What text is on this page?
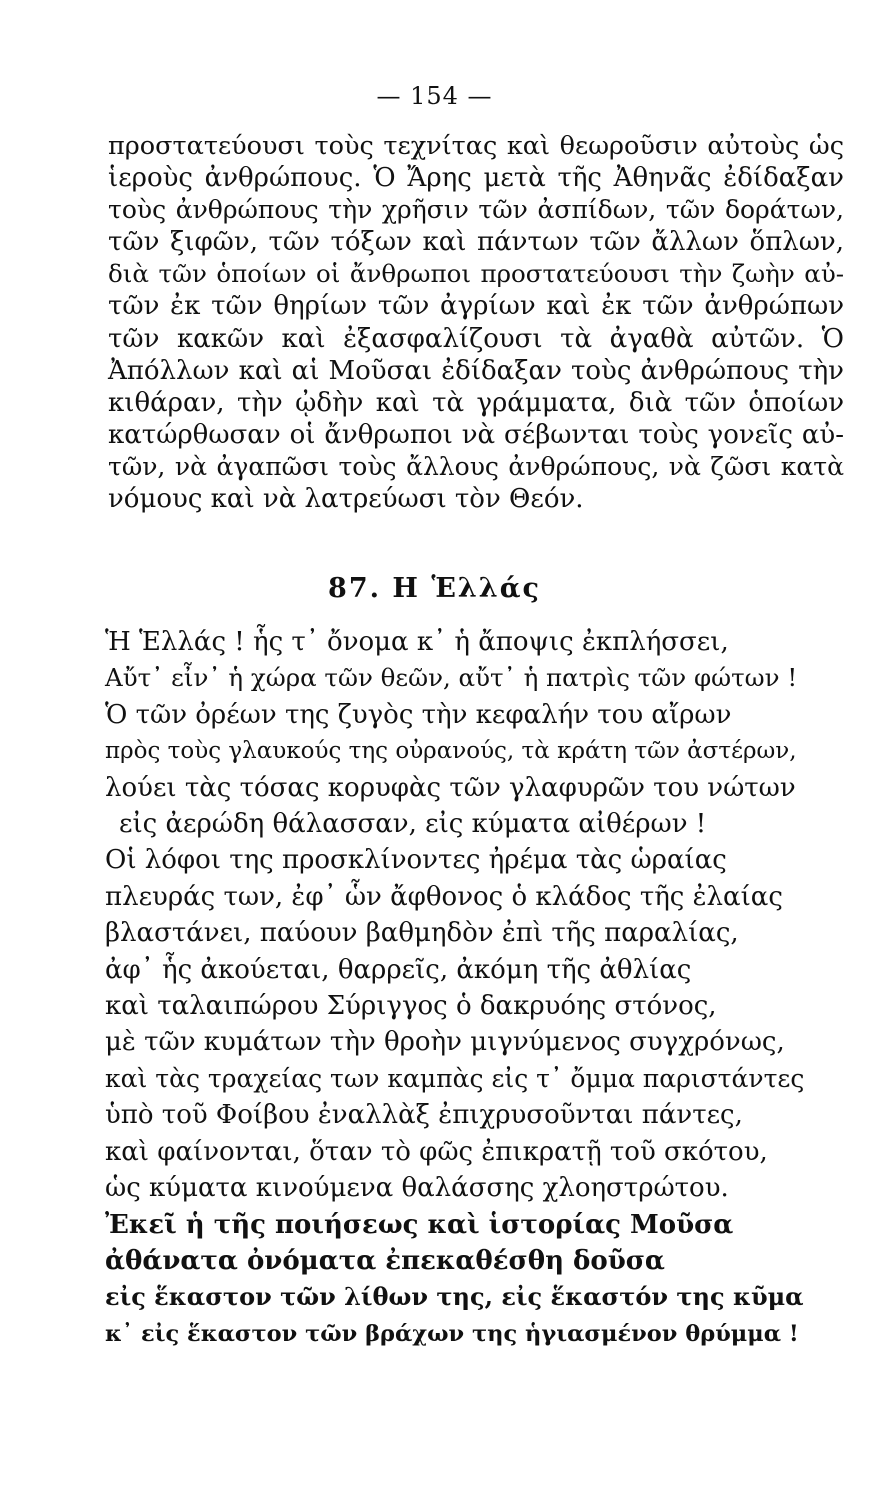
— 154 —
προστατεύουσι τοὺς τεχνίτας καὶ θεωροῦσιν αὐτοὺς ὡς
ἱεροὺς ἀνθρώπους. Ὁ Ἄρης μετὰ τῆς Ἀθηνᾶς ἐδίδαξαν
τοὺς ἀνθρώπους τὴν χρῆσιν τῶν ἀσπίδων, τῶν δοράτων,
τῶν ξιφῶν, τῶν τόξων καὶ πάντων τῶν ἄλλων ὅπλων,
διὰ τῶν ὁποίων οἱ ἄνθρωποι προστατεύουσι τὴν ζωὴν αὐ-
τῶν ἐκ τῶν θηρίων τῶν ἀγρίων καὶ ἐκ τῶν ἀνθρώπων
τῶν κακῶν καὶ ἐξασφαλίζουσι τὰ ἀγαθὰ αὐτῶν. Ὁ
Ἀπόλλων καὶ αἱ Μοῦσαι ἐδίδαξαν τοὺς ἀνθρώπους τὴν
κιθάραν, τὴν ᾠδὴν καὶ τὰ γράμματα, διὰ τῶν ὁποίων
κατώρθωσαν οἱ ἄνθρωποι νὰ σέβωνται τοὺς γονεῖς αὐ-
τῶν, νὰ ἀγαπῶσι τοὺς ἄλλους ἀνθρώπους, νὰ ζῶσι κατὰ
νόμους καὶ νὰ λατρεύωσι τὸν Θεόν.
87. Η Ἑλλάς
Ἡ Ἑλλάς ! ἧς τ᾽ ὄνομα κ᾽ ἡ ἄποψις ἐκπλήσσει,
Αὔτ᾽ εἶν᾽ ἡ χώρα τῶν θεῶν, αὔτ᾽ ἡ πατρὶς τῶν φώτων !
Ὁ τῶν ὀρέων της ζυγὸς τὴν κεφαλήν του αἴρων
πρὸς τοὺς γλαυκούς της οὐρανούς, τὰ κράτη τῶν ἀστέρων,
λούει τὰς τόσας κορυφὰς τῶν γλαφυρῶν του νώτων
εἰς ἀερώδη θάλασσαν, εἰς κύματα αἰθέρων !
Οἱ λόφοι της προσκλίνοντες ἠρέμα τὰς ὡραίας
πλευράς των, ἐφ᾽ ὧν ἄφθονος ὁ κλάδος τῆς ἐλαίας
βλαστάνει, παύουν βαθμηδὸν ἐπὶ τῆς παραλίας,
ἀφ᾽ ἧς ἀκούεται, θαρρεῖς, ἀκόμη τῆς ἀθλίας
καὶ ταλαιπώρου Σύριγγος ὁ δακρυόης στόνος,
μὲ τῶν κυμάτων τὴν θροὴν μιγνύμενος συγχρόνως,
καὶ τὰς τραχείας των καμπὰς εἰς τ᾽ ὄμμα παριστάντες
ὑπὸ τοῦ Φοίβου ἐναλλὰξ ἐπιχρυσοῦνται πάντες,
καὶ φαίνονται, ὅταν τὸ φῶς ἐπικρατῇ τοῦ σκότου,
ὡς κύματα κινούμενα θαλάσσης χλοηστρώτου.
Ἐκεῖ ἡ τῆς ποιήσεως καὶ ἱστορίας Μοῦσα
ἀθάνατα ὀνόματα ἐπεκαθέσθη δοῦσα
εἰς ἕκαστον τῶν λίθων της, εἰς ἕκαστόν της κῦμα
κ᾽ εἰς ἕκαστον τῶν βράχων της ἡγιασμένον θρύμμα !
